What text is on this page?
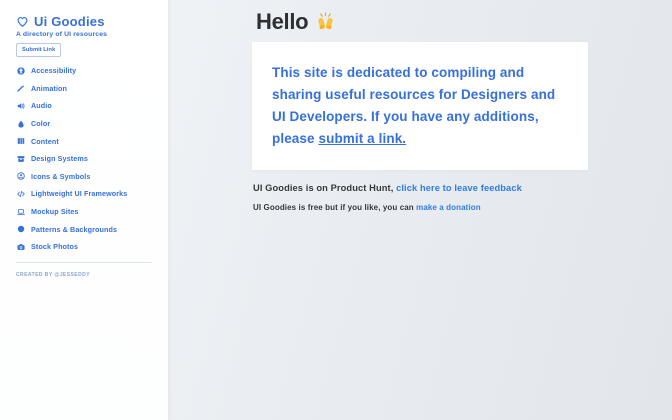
Ui Goodies
A directory of UI resources
Submit Link
Accessibility
Animation
Audio
Color
Content
Design Systems
Icons & Symbols
Lightweight UI Frameworks
Mockup Sites
Patterns & Backgrounds
Stock Photos
CREATED BY @JESSEDDY
Hello
This site is dedicated to compiling and sharing useful resources for Designers and UI Developers. If you have any additions, please submit a link.
UI Goodies is on Product Hunt, click here to leave feedback
UI Goodies is free but if you like, you can make a donation
